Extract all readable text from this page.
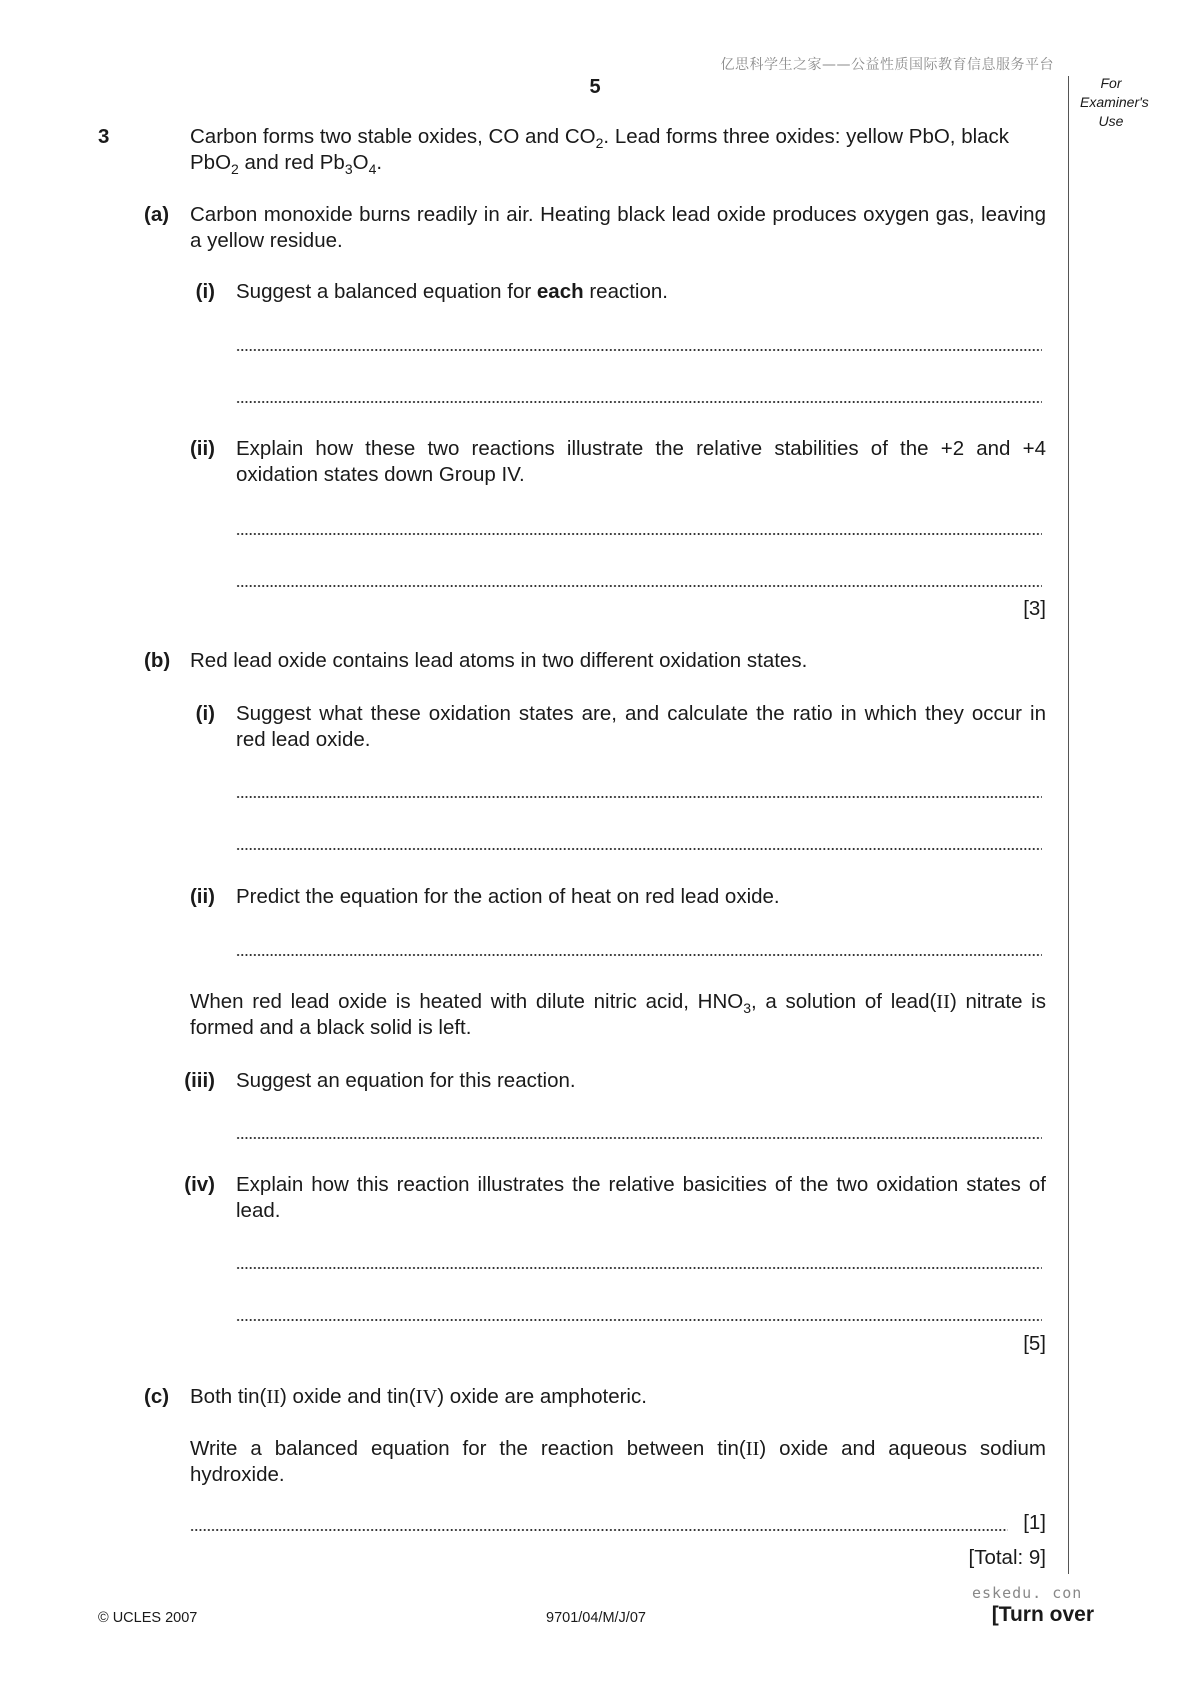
亿思科学生之家——公益性质国际教育信息服务平台
5	For
Examiner's
Use
3	Carbon forms two stable oxides, CO and $CO_2$. Lead forms three oxides: yellow PbO, black
PbO$_2$ and red $Pb_3O_4$.
(a) Carbon monoxide burns readily in air. Heating black lead oxide produces oxygen gas, leaving a yellow residue.
(i) Suggest a balanced equation for each reaction.
(ii) Explain how these two reactions illustrate the relative stabilities of the +2 and +4 oxidation states down Group IV.
[3]
(b) Red lead oxide contains lead atoms in two different oxidation states.
(i) Suggest what these oxidation states are, and calculate the ratio in which they occur in red lead oxide.
(ii) Predict the equation for the action of heat on red lead oxide.
When red lead oxide is heated with dilute nitric acid, $HNO_3$, a solution of lead(II) nitrate is formed and a black solid is left.
(iii) Suggest an equation for this reaction.
(iv) Explain how this reaction illustrates the relative basicities of the two oxidation states of lead.
[5]
(c) Both tin(II) oxide and tin(IV) oxide are amphoteric.
Write a balanced equation for the reaction between tin(II) oxide and aqueous sodium hydroxide.
[1]
[Total: 9]
eskedu. con
© UCLES 2007	9701/04/M/J/07	[Turn over
